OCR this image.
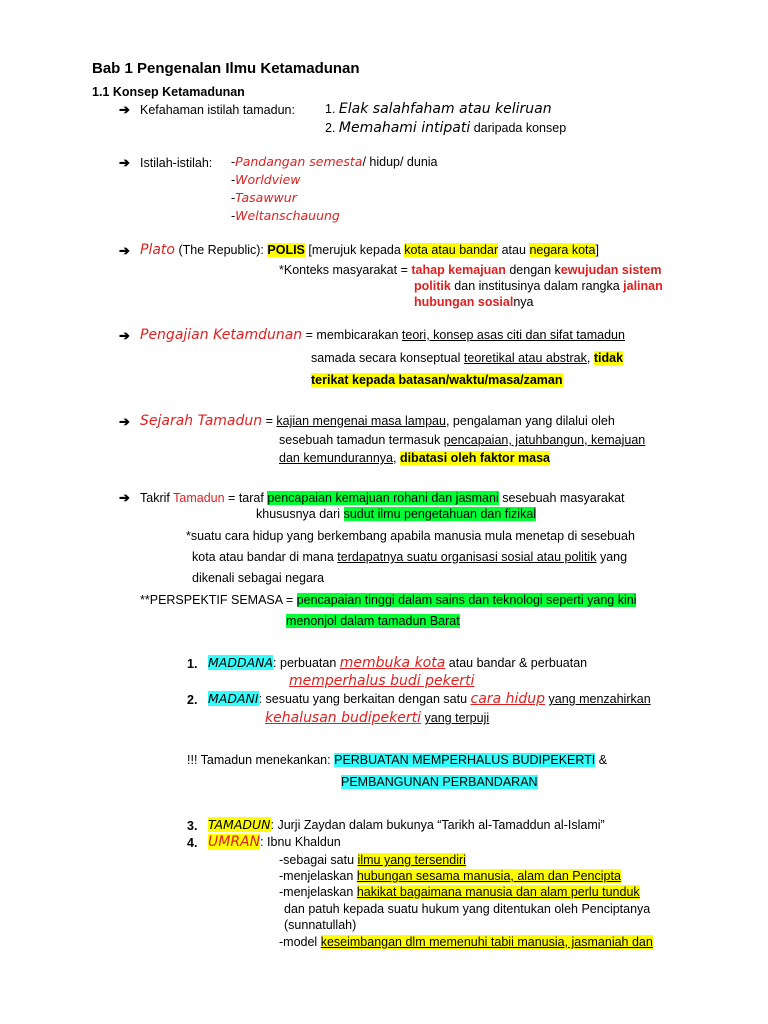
Bab 1 Pengenalan Ilmu Ketamadunan
1.1 Konsep Ketamadunan
➔ Kefahaman istilah tamadun: 1. Elak salahfaham atau keliruan
2. Memahami intipati daripada konsep
➔ Istilah-istilah: -Pandangan semesta/ hidup/ dunia
-Worldview
-Tasawwur
-Weltanschauung
➔ Plato (The Republic): POLIS [merujuk kepada kota atau bandar atau negara kota]
*Konteks masyarakat = tahap kemajuan dengan kewujudan sistem
politik dan institusinya dalam rangka jalinan
hubungan sosialnya
➔ Pengajian Ketamdunan = membicarakan teori, konsep asas citi dan sifat tamadun
samada secara konseptual teoretikal atau abstrak, tidak
terikat kepada batasan/waktu/masa/zaman
➔ Sejarah Tamadun = kajian mengenai masa lampau, pengalaman yang dilalui oleh
sesebuah tamadun termasuk pencapaian, jatuhbangun, kemajuan
dan kemundurannya, dibatasi oleh faktor masa
➔ Takrif Tamadun = taraf pencapaian kemajuan rohani dan jasmani sesebuah masyarakat
khususnya dari sudut ilmu pengetahuan dan fizikal
*suatu cara hidup yang berkembang apabila manusia mula menetap di sesebuah
kota atau bandar di mana terdapatnya suatu organisasi sosial atau politik yang
dikenali sebagai negara
**PERSPEKTIF SEMASA = pencapaian tinggi dalam sains dan teknologi seperti yang kini
menonjol dalam tamadun Barat
1. MADDANA: perbuatan membuka kota atau bandar & perbuatan
memperhalus budi pekerti
2. MADANI: sesuatu yang berkaitan dengan satu cara hidup yang menzahirkan
kehalusan budipekerti yang terpuji
!!! Tamadun menekankan: PERBUATAN MEMPERHALUS BUDIPEKERTI &
PEMBANGUNAN PERBANDARAN
3. TAMADUN: Jurji Zaydan dalam bukunya “Tarikh al-Tamaddun al-Islami”
4. UMRAN: Ibnu Khaldun
-sebagai satu ilmu yang tersendiri
-menjelaskan hubungan sesama manusia, alam dan Pencipta
-menjelaskan hakikat bagaimana manusia dan alam perlu tunduk
dan patuh kepada suatu hukum yang ditentukan oleh Penciptanya
(sunnatullah)
-model keseimbangan dlm memenuhi tabii manusia, jasmaniah dan
